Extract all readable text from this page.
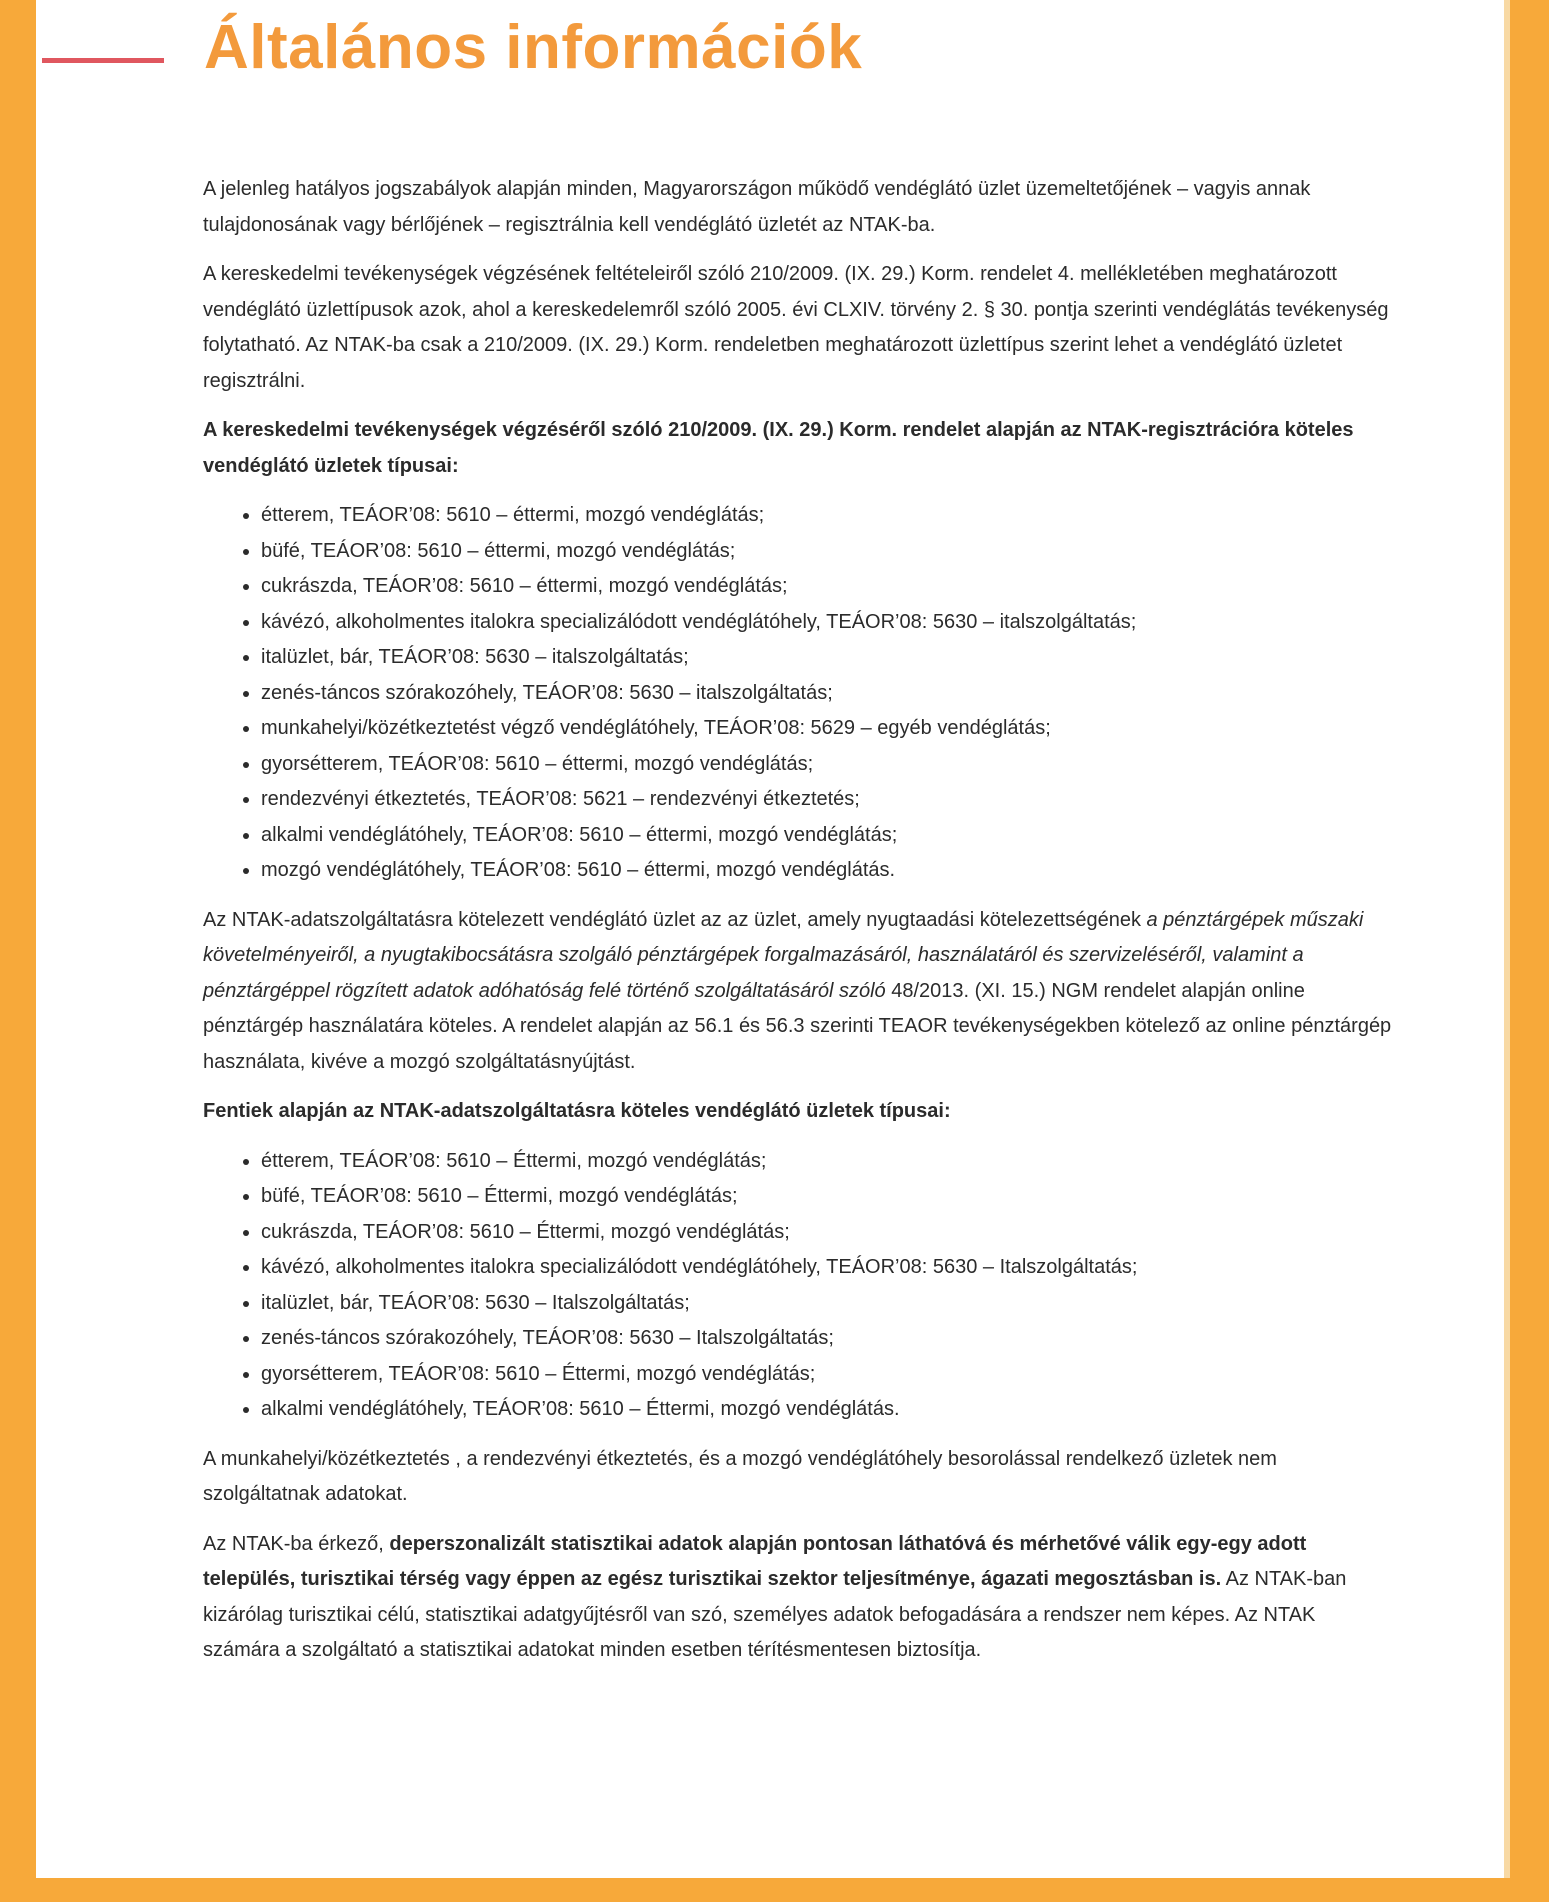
Általános információk

A jelenleg hatályos jogszabályok alapján minden, Magyarországon működő vendéglátó üzlet üzemeltetőjének – vagyis annak tulajdonosának vagy bérlőjének – regisztrálnia kell vendéglátó üzletét az NTAK-ba.

A kereskedelmi tevékenységek végzésének feltételeiről szóló 210/2009. (IX. 29.) Korm. rendelet 4. mellékletében meghatározott vendéglátó üzlettípusok azok, ahol a kereskedelemről szóló 2005. évi CLXIV. törvény 2. § 30. pontja szerinti vendéglátás tevékenység folytatható. Az NTAK-ba csak a 210/2009. (IX. 29.) Korm. rendeletben meghatározott üzlettípus szerint lehet a vendéglátó üzletet regisztrálni.

A kereskedelmi tevékenységek végzéséről szóló 210/2009. (IX. 29.) Korm. rendelet alapján az NTAK-regisztrációra köteles vendéglátó üzletek típusai:

• étterem, TEÁOR’08: 5610 – éttermi, mozgó vendéglátás;
• büfé, TEÁOR’08: 5610 – éttermi, mozgó vendéglátás;
• cukrászda, TEÁOR’08: 5610 – éttermi, mozgó vendéglátás;
• kávézó, alkoholmentes italokra specializálódott vendéglátóhely, TEÁOR’08: 5630 – italszolgáltatás;
• italüzlet, bár, TEÁOR’08: 5630 – italszolgáltatás;
• zenés-táncos szórakozóhely, TEÁOR’08: 5630 – italszolgáltatás;
• munkahelyi/közétkeztetést végző vendéglátóhely, TEÁOR’08: 5629 – egyéb vendéglátás;
• gyorsétterem, TEÁOR’08: 5610 – éttermi, mozgó vendéglátás;
• rendezvényi étkeztetés, TEÁOR’08: 5621 – rendezvényi étkeztetés;
• alkalmi vendéglátóhely, TEÁOR’08: 5610 – éttermi, mozgó vendéglátás;
• mozgó vendéglátóhely, TEÁOR’08: 5610 – éttermi, mozgó vendéglátás.

Az NTAK-adatszolgáltatásra kötelezett vendéglátó üzlet az az üzlet, amely nyugtaadási kötelezettségének a pénztárgépek műszaki követelményeiről, a nyugtakibocsátásra szolgáló pénztárgépek forgalmazásáról, használatáról és szervizeléséről, valamint a pénztárgéppel rögzített adatok adóhatóság felé történő szolgáltatásáról szóló 48/2013. (XI. 15.) NGM rendelet alapján online pénztárgép használatára köteles. A rendelet alapján az 56.1 és 56.3 szerinti TEAOR tevékenységekben kötelező az online pénztárgép használata, kivéve a mozgó szolgáltatásnyújtást.

Fentiek alapján az NTAK-adatszolgáltatásra köteles vendéglátó üzletek típusai:

• étterem, TEÁOR’08: 5610 – Éttermi, mozgó vendéglátás;
• büfé, TEÁOR’08: 5610 – Éttermi, mozgó vendéglátás;
• cukrászda, TEÁOR’08: 5610 – Éttermi, mozgó vendéglátás;
• kávézó, alkoholmentes italokra specializálódott vendéglátóhely, TEÁOR’08: 5630 – Italszolgáltatás;
• italüzlet, bár, TEÁOR’08: 5630 – Italszolgáltatás;
• zenés-táncos szórakozóhely, TEÁOR’08: 5630 – Italszolgáltatás;
• gyorsétterem, TEÁOR’08: 5610 – Éttermi, mozgó vendéglátás;
• alkalmi vendéglátóhely, TEÁOR’08: 5610 – Éttermi, mozgó vendéglátás.

A munkahelyi/közétkeztetés , a rendezvényi étkeztetés, és a mozgó vendéglátóhely besorolással rendelkező üzletek nem szolgáltatnak adatokat.

Az NTAK-ba érkező, deperszonalizált statisztikai adatok alapján pontosan láthatóvá és mérhetővé válik egy-egy adott település, turisztikai térség vagy éppen az egész turisztikai szektor teljesítménye, ágazati megosztásban is. Az NTAK-ban kizárólag turisztikai célú, statisztikai adatgyűjtésről van szó, személyes adatok befogadására a rendszer nem képes. Az NTAK számára a szolgáltató a statisztikai adatokat minden esetben térítésmentesen biztosítja.
